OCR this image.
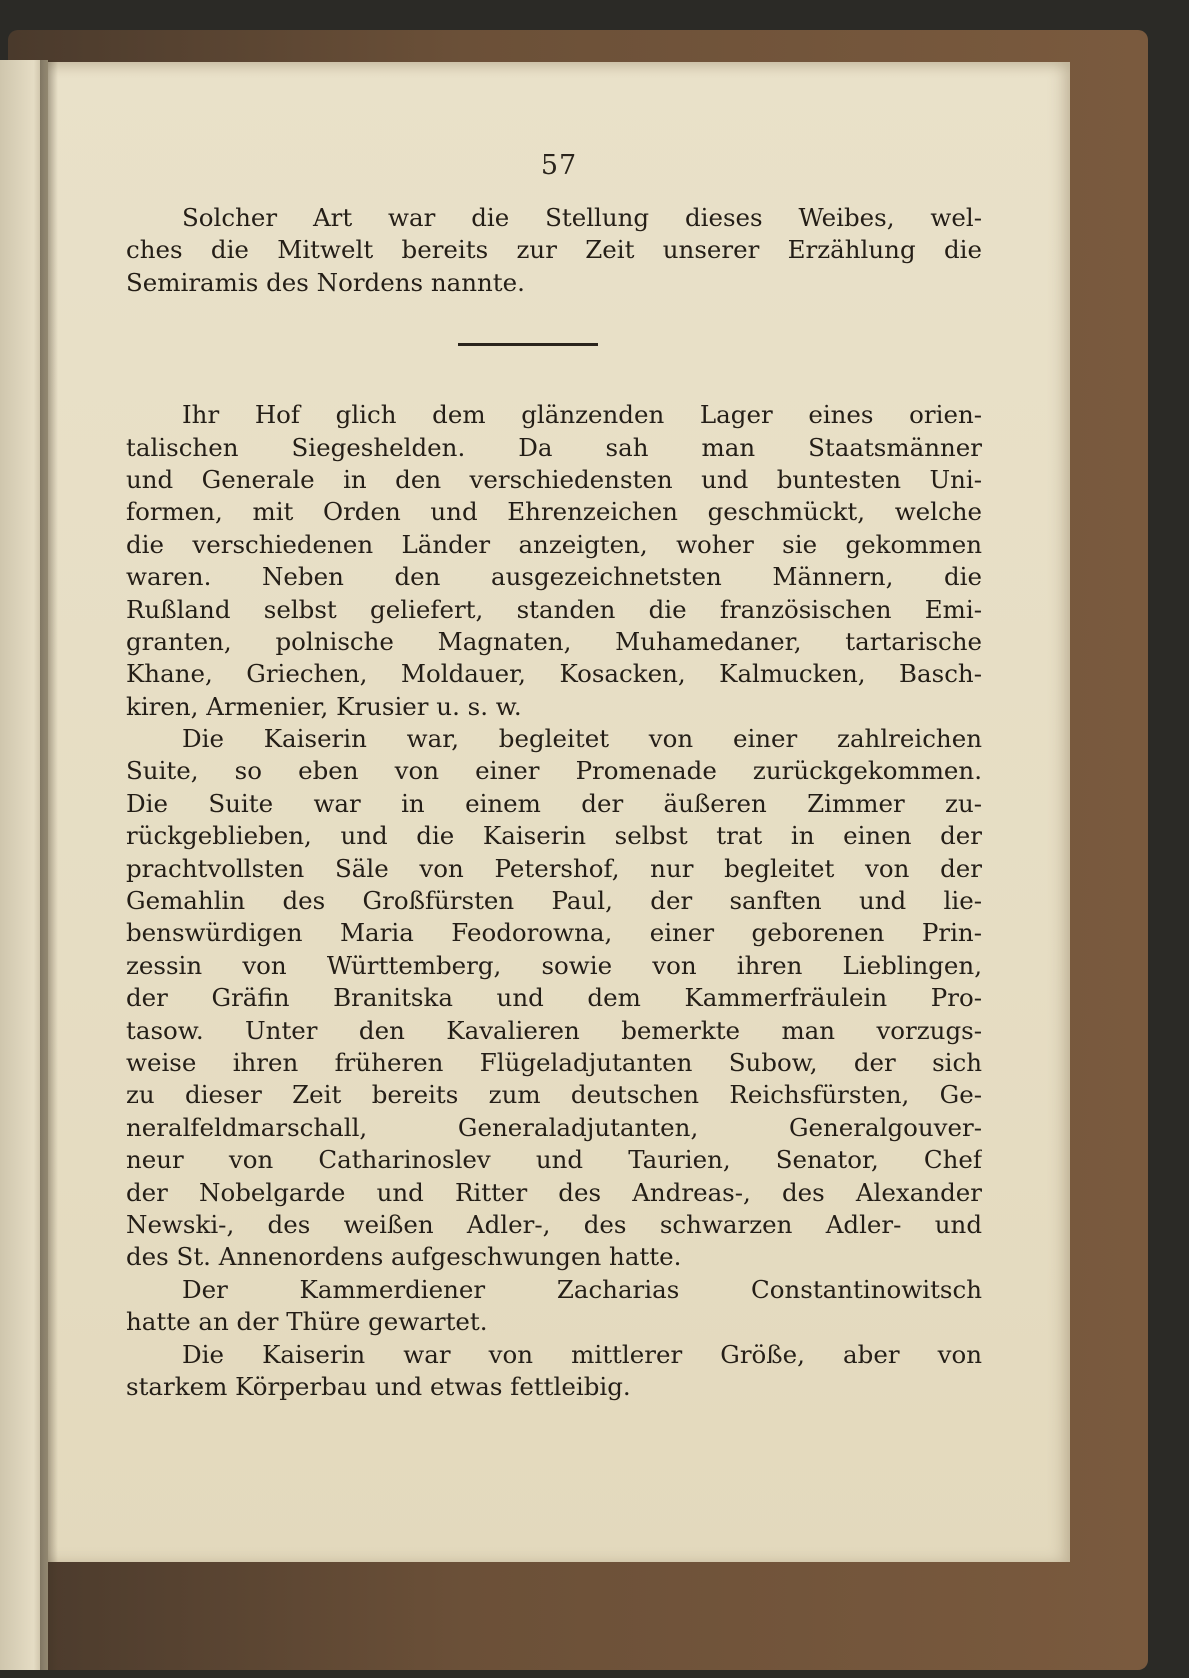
57
Solcher Art war die Stellung dieses Weibes, wel-
ches die Mitwelt bereits zur Zeit unserer Erzählung die
Semiramis des Nordens nannte.
Ihr Hof glich dem glänzenden Lager eines orien-
talischen Siegeshelden. Da sah man Staatsmänner
und Generale in den verschiedensten und buntesten Uni-
formen, mit Orden und Ehrenzeichen geschmückt, welche
die verschiedenen Länder anzeigten, woher sie gekommen
waren. Neben den ausgezeichnetsten Männern, die
Rußland selbst geliefert, standen die französischen Emi-
granten, polnische Magnaten, Muhamedaner, tartarische
Khane, Griechen, Moldauer, Kosacken, Kalmucken, Basch-
kiren, Armenier, Krusier u. s. w.
Die Kaiserin war, begleitet von einer zahlreichen
Suite, so eben von einer Promenade zurückgekommen.
Die Suite war in einem der äußeren Zimmer zu-
rückgeblieben, und die Kaiserin selbst trat in einen der
prachtvollsten Säle von Petershof, nur begleitet von der
Gemahlin des Großfürsten Paul, der sanften und lie-
benswürdigen Maria Feodorowna, einer geborenen Prin-
zessin von Württemberg, sowie von ihren Lieblingen,
der Gräfin Branitska und dem Kammerfräulein Pro-
tasow. Unter den Kavalieren bemerkte man vorzugs-
weise ihren früheren Flügeladjutanten Subow, der sich
zu dieser Zeit bereits zum deutschen Reichsfürsten, Ge-
neralfeldmarschall, Generaladjutanten, Generalgouver-
neur von Catharinoslev und Taurien, Senator, Chef
der Nobelgarde und Ritter des Andreas-, des Alexander
Newski-, des weißen Adler-, des schwarzen Adler- und
des St. Annenordens aufgeschwungen hatte.
Der Kammerdiener Zacharias Constantinowitsch
hatte an der Thüre gewartet.
Die Kaiserin war von mittlerer Größe, aber von
starkem Körperbau und etwas fettleibig.
